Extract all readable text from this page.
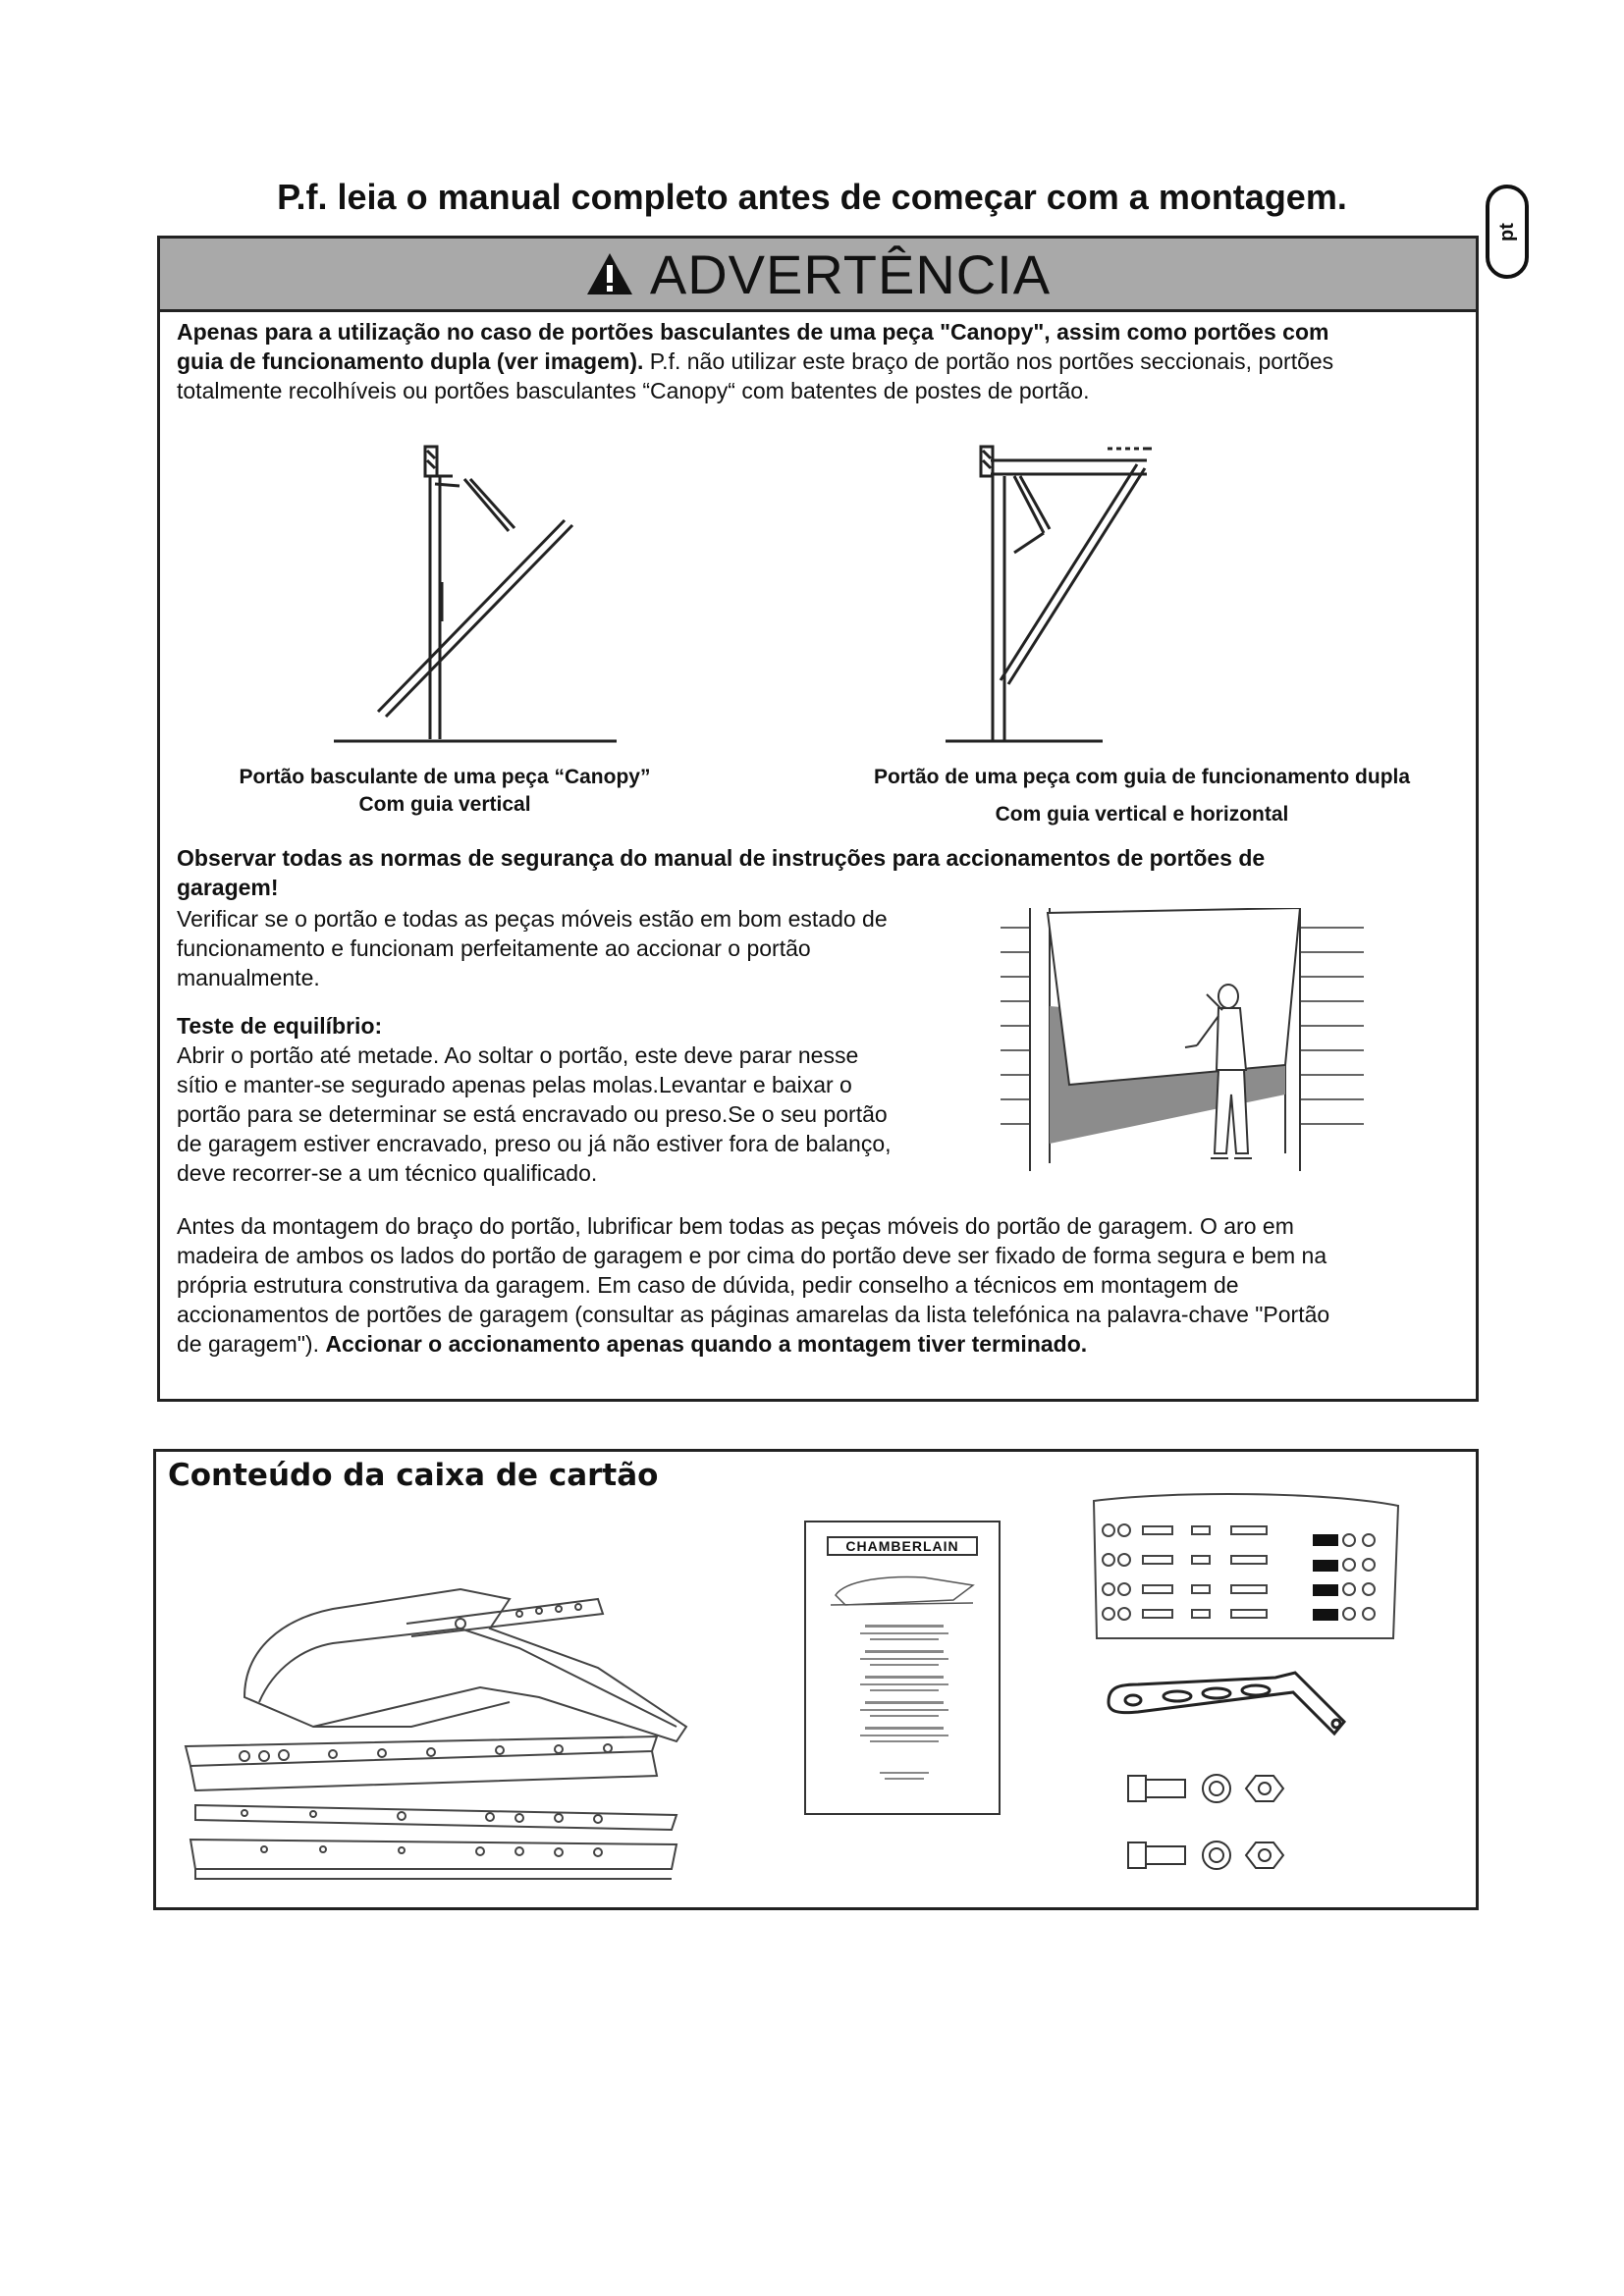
P.f. leia o manual completo antes de começar com a montagem.
pt
ADVERTÊNCIA
Apenas para a utilização no caso de portões basculantes de uma peça "Canopy", assim como portões com
guia de funcionamento dupla (ver imagem). P.f. não utilizar este braço de portão nos portões seccionais, portões
totalmente recolhíveis ou portões basculantes “Canopy“ com batentes de postes de portão.
Portão basculante de uma peça “Canopy”
Com guia vertical
Portão de uma peça com guia de funcionamento dupla
Com guia vertical e horizontal
Observar todas as normas de segurança do manual de instruções para accionamentos de portões de
garagem!
Verificar se o portão e todas as peças móveis estão em bom estado de
funcionamento e funcionam perfeitamente ao accionar o portão
manualmente.
Teste de equilíbrio:
Abrir o portão até metade. Ao soltar o portão, este deve parar nesse
sítio e manter-se segurado apenas pelas molas.Levantar e baixar o
portão para se determinar se está encravado ou preso.Se o seu portão
de garagem estiver encravado, preso ou já não estiver fora de balanço,
deve recorrer-se a um técnico qualificado.
Antes da montagem do braço do portão, lubrificar bem todas as peças móveis do portão de garagem. O aro em
madeira de ambos os lados do portão de garagem e por cima do portão deve ser fixado de forma segura e bem na
própria estrutura construtiva da garagem. Em caso de dúvida, pedir conselho a técnicos em montagem de
accionamentos de portões de garagem (consultar as páginas amarelas da lista telefónica na palavra-chave "Portão
de garagem"). Accionar o accionamento apenas quando a montagem tiver terminado.
Conteúdo da caixa de cartão
CHAMBERLAIN
